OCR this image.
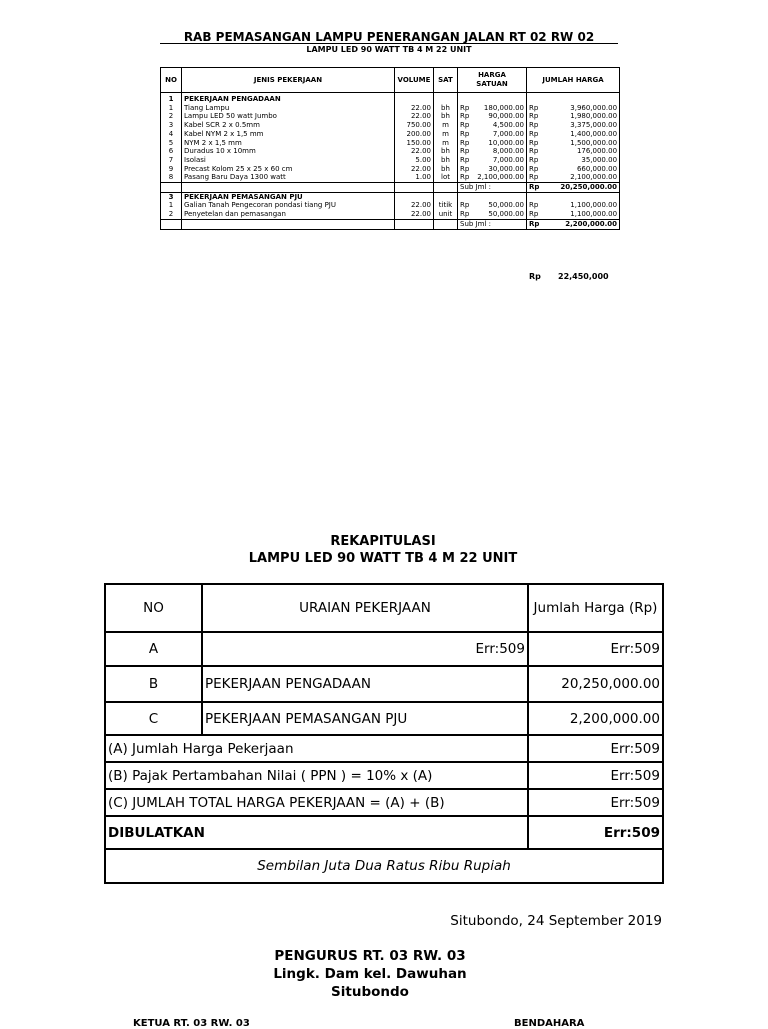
RAB PEMASANGAN LAMPU PENERANGAN JALAN RT 02 RW 02
LAMPU LED 90 WATT TB 4 M 22 UNIT
NO	JENIS PEKERJAAN	VOLUME	SAT	HARGA SATUAN		JUMLAH HARGA	
1	PEKERJAAN PENGADAAN						
1	Tiang Lampu	22.00	bh	Rp	180,000.00	Rp	3,960,000.00
2	Lampu LED 50 watt Jumbo	22.00	bh	Rp	90,000.00	Rp	1,980,000.00
3	Kabel SCR 2 x 0.5mm	750.00	m	Rp	4,500.00	Rp	3,375,000.00
4	Kabel NYM 2 x 1,5 mm	200.00	m	Rp	7,000.00	Rp	1,400,000.00
5	NYM 2 x 1,5 mm	150.00	m	Rp	10,000.00	Rp	1,500,000.00
6	Duradus 10 x 10mm	22.00	bh	Rp	8,000.00	Rp	176,000.00
7	Isolasi	5.00	bh	Rp	7,000.00	Rp	35,000.00
9	Precast Kolom 25 x 25 x 60 cm	22.00	bh	Rp	30,000.00	Rp	660,000.00
8	Pasang Baru Daya 1300 watt	1.00	lot	Rp	2,100,000.00	Rp	2,100,000.00
				Sub Jml :		Rp	20,250,000.00
3	PEKERJAAN PEMASANGAN PJU						
1	Galian Tanah Pengecoran pondasi tiang PJU	22.00	titik	Rp	50,000.00	Rp	1,100,000.00
2	Penyetelan dan pemasangan	22.00	unit	Rp	50,000.00	Rp	1,100,000.00
				Sub Jml :		Rp	2,200,000.00
Rp 22,450,000
REKAPITULASI
LAMPU LED 90 WATT TB 4 M 22 UNIT
NO	URAIAN PEKERJAAN	Jumlah Harga (Rp)
A	Err:509	Err:509
B	PEKERJAAN PENGADAAN	20,250,000.00
C	PEKERJAAN PEMASANGAN PJU	2,200,000.00
(A) Jumlah Harga Pekerjaan		Err:509
(B) Pajak Pertambahan Nilai ( PPN ) = 10% x (A)		Err:509
(C) JUMLAH TOTAL HARGA PEKERJAAN = (A) + (B)		Err:509
DIBULATKAN		Err:509
Sembilan Juta Dua Ratus Ribu Rupiah		
Situbondo, 24 September 2019
PENGURUS RT. 03 RW. 03
Lingk. Dam kel. Dawuhan
Situbondo
KETUA RT. 03 RW. 03	BENDAHARA
